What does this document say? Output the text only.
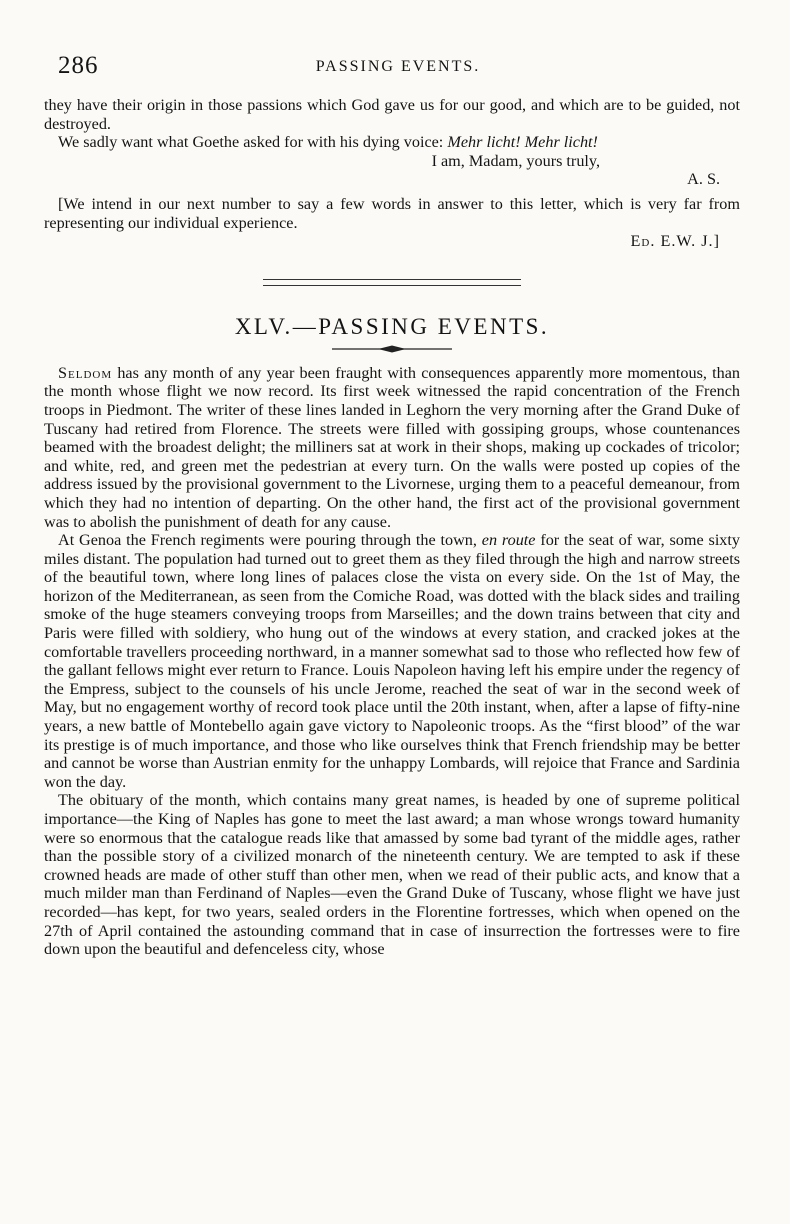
286	PASSING EVENTS.

they have their origin in those passions which God gave us for our good, and which are to be guided, not destroyed.

We sadly want what Goethe asked for with his dying voice: Mehr licht! Mehr licht!

I am, Madam, yours truly,

A. S.

[We intend in our next number to say a few words in answer to this letter, which is very far from representing our individual experience.

Ed. E.W. J.]

XLV.—PASSING EVENTS.

Seldom has any month of any year been fraught with consequences apparently more momentous, than the month whose flight we now record. Its first week witnessed the rapid concentration of the French troops in Piedmont. The writer of these lines landed in Leghorn the very morning after the Grand Duke of Tuscany had retired from Florence. The streets were filled with gossiping groups, whose countenances beamed with the broadest delight; the milliners sat at work in their shops, making up cockades of tricolor; and white, red, and green met the pedestrian at every turn. On the walls were posted up copies of the address issued by the provisional government to the Livornese, urging them to a peaceful demeanour, from which they had no intention of departing. On the other hand, the first act of the provisional government was to abolish the punishment of death for any cause.

At Genoa the French regiments were pouring through the town, en route for the seat of war, some sixty miles distant. The population had turned out to greet them as they filed through the high and narrow streets of the beautiful town, where long lines of palaces close the vista on every side. On the 1st of May, the horizon of the Mediterranean, as seen from the Comiche Road, was dotted with the black sides and trailing smoke of the huge steamers conveying troops from Marseilles; and the down trains between that city and Paris were filled with soldiery, who hung out of the windows at every station, and cracked jokes at the comfortable travellers proceeding northward, in a manner somewhat sad to those who reflected how few of the gallant fellows might ever return to France. Louis Napoleon having left his empire under the regency of the Empress, subject to the counsels of his uncle Jerome, reached the seat of war in the second week of May, but no engagement worthy of record took place until the 20th instant, when, after a lapse of fifty-nine years, a new battle of Montebello again gave victory to Napoleonic troops. As the “first blood” of the war its prestige is of much importance, and those who like ourselves think that French friendship may be better and cannot be worse than Austrian enmity for the unhappy Lombards, will rejoice that France and Sardinia won the day.

The obituary of the month, which contains many great names, is headed by one of supreme political importance—the King of Naples has gone to meet the last award; a man whose wrongs toward humanity were so enormous that the catalogue reads like that amassed by some bad tyrant of the middle ages, rather than the possible story of a civilized monarch of the nineteenth century. We are tempted to ask if these crowned heads are made of other stuff than other men, when we read of their public acts, and know that a much milder man than Ferdinand of Naples—even the Grand Duke of Tuscany, whose flight we have just recorded—has kept, for two years, sealed orders in the Florentine fortresses, which when opened on the 27th of April contained the astounding command that in case of insurrection the fortresses were to fire down upon the beautiful and defenceless city, whose
